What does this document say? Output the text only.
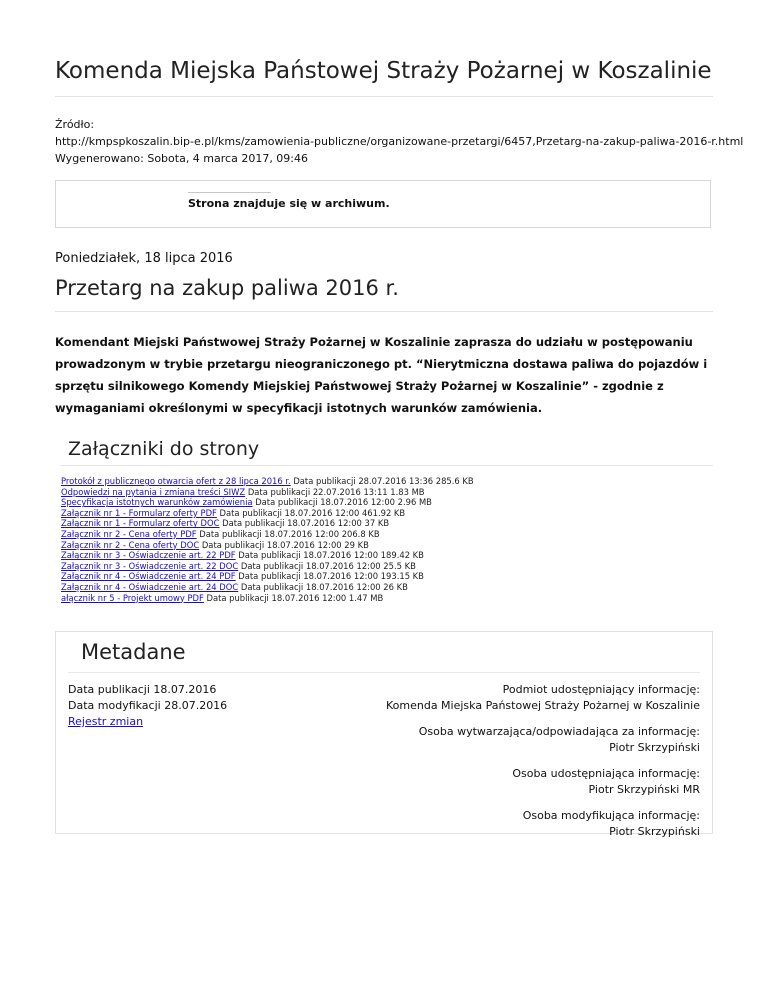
Komenda Miejska Państowej Straży Pożarnej w Koszalinie
Źródło:
http://kmpspkoszalin.bip-e.pl/kms/zamowienia-publiczne/organizowane-przetargi/6457,Przetarg-na-zakup-paliwa-2016-r.html
Wygenerowano: Sobota, 4 marca 2017, 09:46
Strona znajduje się w archiwum.
Poniedziałek, 18 lipca 2016
Przetarg na zakup paliwa 2016 r.

Komendant Miejski Państwowej Straży Pożarnej w Koszalinie zaprasza do udziału w postępowaniu prowadzonym w trybie przetargu nieograniczonego pt. “Nierytmiczna dostawa paliwa do pojazdów i sprzętu silnikowego Komendy Miejskiej Państwowej Straży Pożarnej w Koszalinie” - zgodnie z wymaganiami określonymi w specyfikacji istotnych warunków zamówienia.

Załączniki do strony
Protokół z publicznego otwarcia ofert z 28 lipca 2016 r. Data publikacji 28.07.2016 13:36 285.6 KB
Odpowiedzi na pytania i zmiana treści SIWZ Data publikacji 22.07.2016 13:11 1.83 MB
Specyfikacja istotnych warunków zamówienia Data publikacji 18.07.2016 12:00 2.96 MB
Załącznik nr 1 - Formularz oferty PDF Data publikacji 18.07.2016 12:00 461.92 KB
Załącznik nr 1 - Formularz oferty DOC Data publikacji 18.07.2016 12:00 37 KB
Załącznik nr 2 - Cena oferty PDF Data publikacji 18.07.2016 12:00 206.8 KB
Załącznik nr 2 - Cena oferty DOC Data publikacji 18.07.2016 12:00 29 KB
Załącznik nr 3 - Oświadczenie art. 22 PDF Data publikacji 18.07.2016 12:00 189.42 KB
Załącznik nr 3 - Oświadczenie art. 22 DOC Data publikacji 18.07.2016 12:00 25.5 KB
Załącznik nr 4 - Oświadczenie art. 24 PDF Data publikacji 18.07.2016 12:00 193.15 KB
Załącznik nr 4 - Oświadczenie art. 24 DOC Data publikacji 18.07.2016 12:00 26 KB
ałącznik nr 5 - Projekt umowy PDF Data publikacji 18.07.2016 12:00 1.47 MB
Metadane
Data publikacji 18.07.2016
Data modyfikacji 28.07.2016
Rejestr zmian
Podmiot udostępniający informację:
Komenda Miejska Państowej Straży Pożarnej w Koszalinie
Osoba wytwarzająca/odpowiadająca za informację:
Piotr Skrzypiński
Osoba udostępniająca informację:
Piotr Skrzypiński MR
Osoba modyfikująca informację:
Piotr Skrzypiński
